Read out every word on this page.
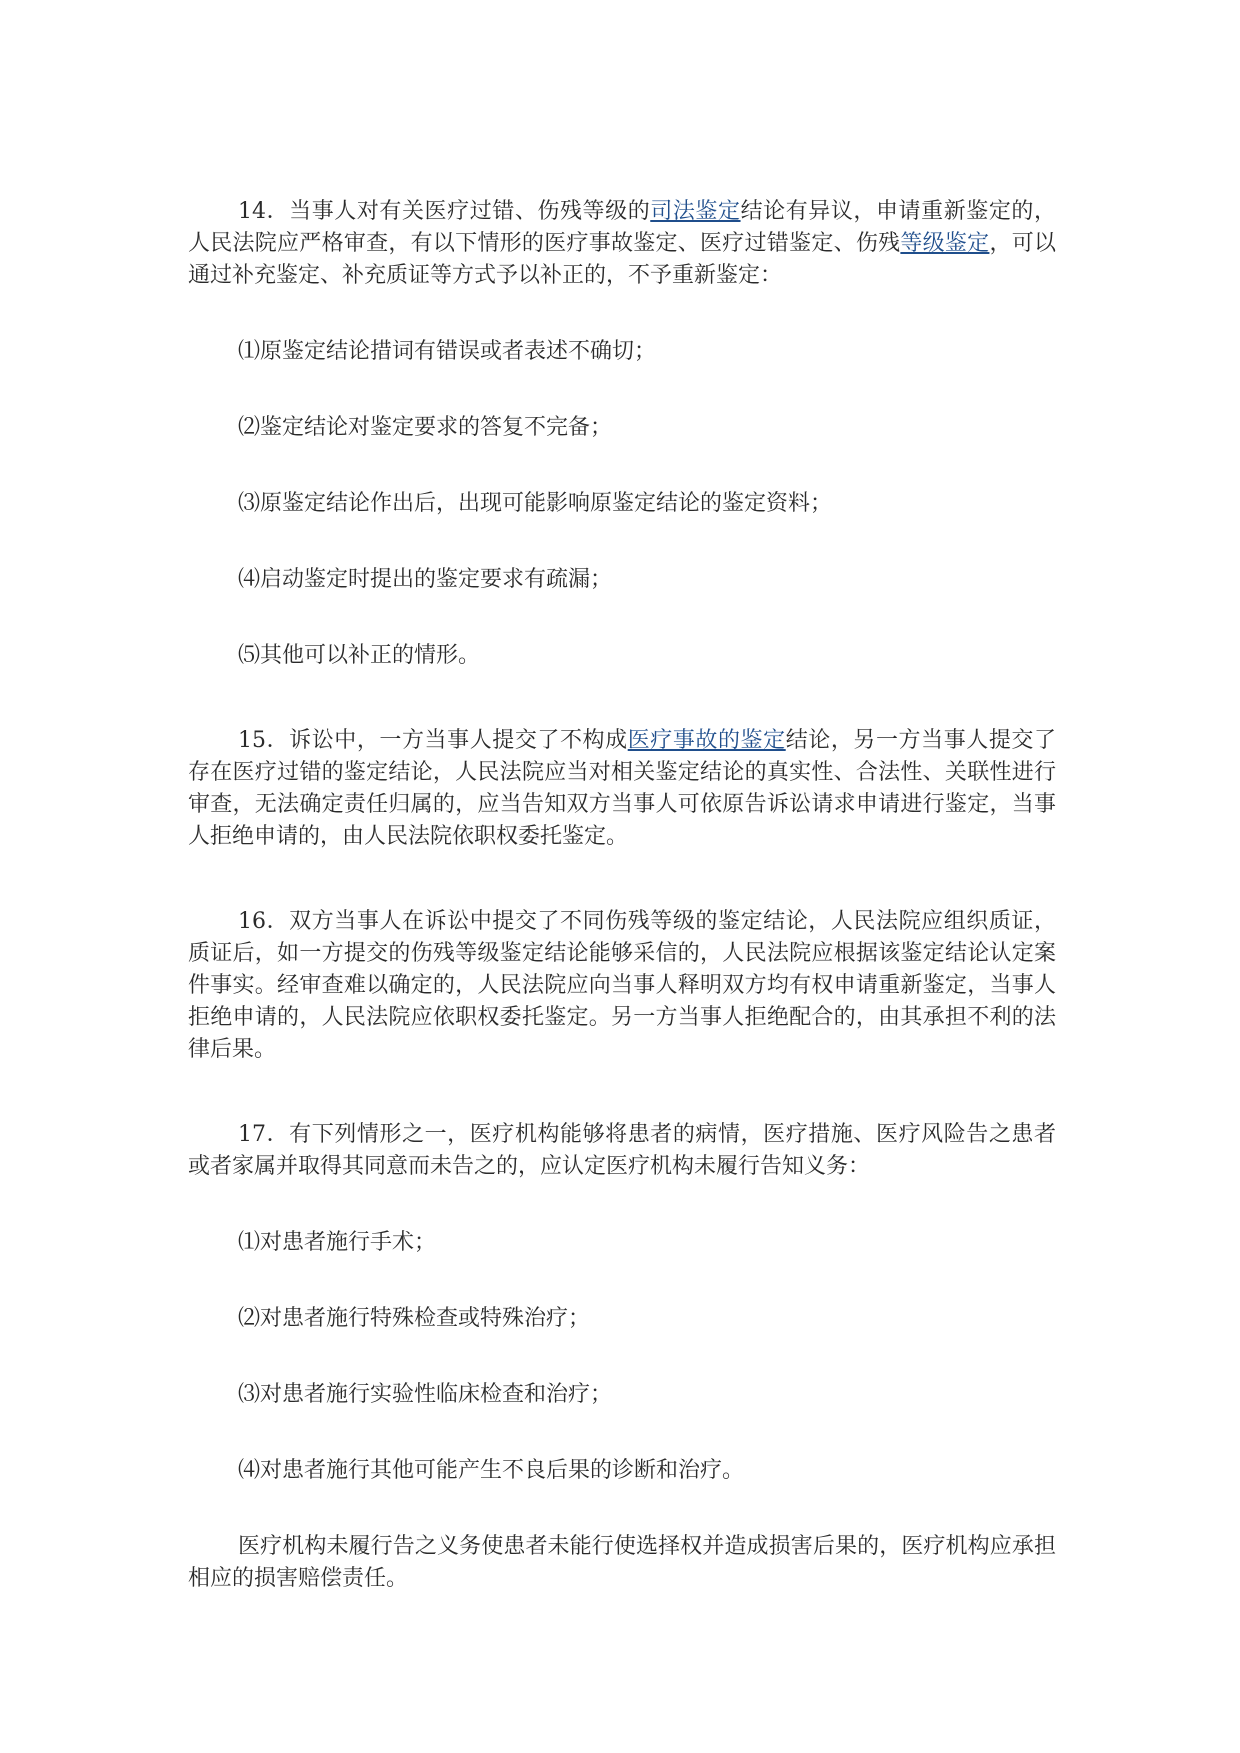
14．当事人对有关医疗过错、伤残等级的司法鉴定结论有异议，申请重新鉴定的，人民法院应严格审查，有以下情形的医疗事故鉴定、医疗过错鉴定、伤残等级鉴定，可以通过补充鉴定、补充质证等方式予以补正的，不予重新鉴定：

⑴原鉴定结论措词有错误或者表述不确切；

⑵鉴定结论对鉴定要求的答复不完备；

⑶原鉴定结论作出后，出现可能影响原鉴定结论的鉴定资料；

⑷启动鉴定时提出的鉴定要求有疏漏；

⑸其他可以补正的情形。

15．诉讼中，一方当事人提交了不构成医疗事故的鉴定结论，另一方当事人提交了存在医疗过错的鉴定结论，人民法院应当对相关鉴定结论的真实性、合法性、关联性进行审查，无法确定责任归属的，应当告知双方当事人可依原告诉讼请求申请进行鉴定，当事人拒绝申请的，由人民法院依职权委托鉴定。

16．双方当事人在诉讼中提交了不同伤残等级的鉴定结论，人民法院应组织质证，质证后，如一方提交的伤残等级鉴定结论能够采信的，人民法院应根据该鉴定结论认定案件事实。经审查难以确定的，人民法院应向当事人释明双方均有权申请重新鉴定，当事人拒绝申请的，人民法院应依职权委托鉴定。另一方当事人拒绝配合的，由其承担不利的法律后果。

17．有下列情形之一，医疗机构能够将患者的病情，医疗措施、医疗风险告之患者或者家属并取得其同意而未告之的，应认定医疗机构未履行告知义务：

⑴对患者施行手术；

⑵对患者施行特殊检查或特殊治疗；

⑶对患者施行实验性临床检查和治疗；

⑷对患者施行其他可能产生不良后果的诊断和治疗。

医疗机构未履行告之义务使患者未能行使选择权并造成损害后果的，医疗机构应承担相应的损害赔偿责任。
